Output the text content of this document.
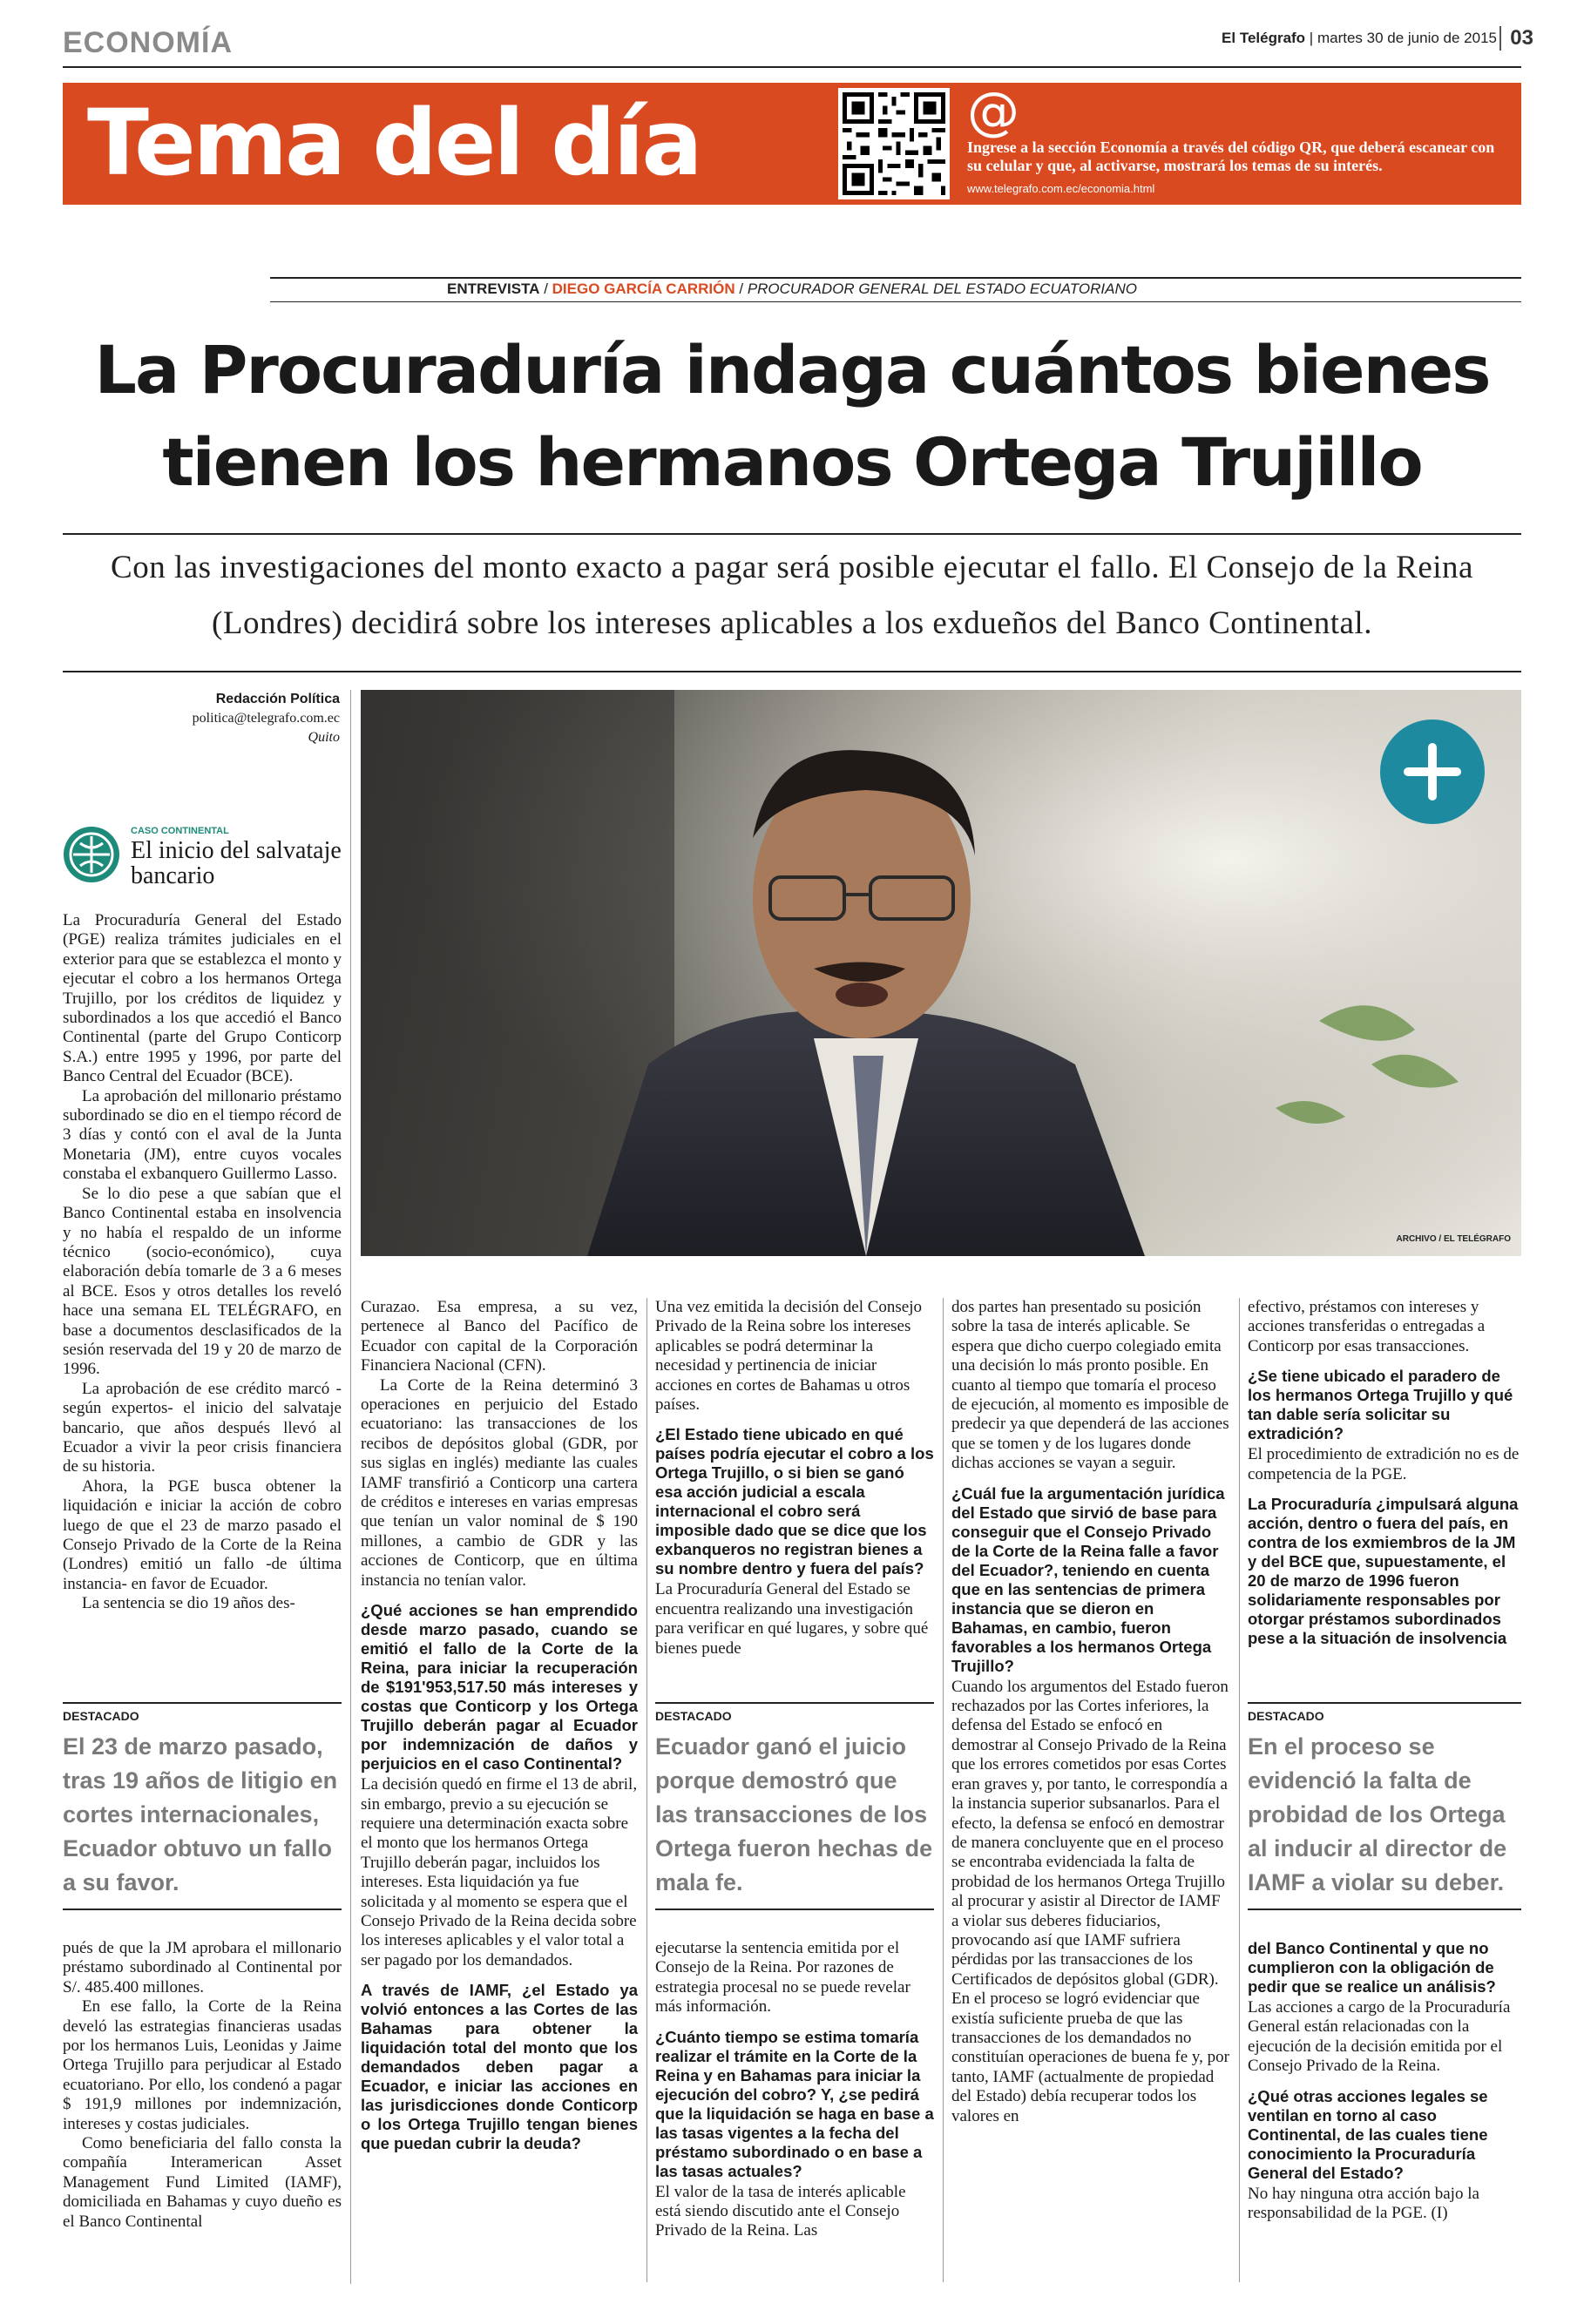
ECONOMÍA	El Telégrafo | martes 30 de junio de 2015 03
Tema del día	@
Ingrese a la sección Economía a través del código QR, que deberá escanear con su celular y que, al activarse, mostrará los temas de su interés.
www.telegrafo.com.ec/economia.html
ENTREVISTA / DIEGO GARCÍA CARRIÓN / PROCURADOR GENERAL DEL ESTADO ECUATORIANO
La Procuraduría indaga cuántos bienes
tienen los hermanos Ortega Trujillo
Con las investigaciones del monto exacto a pagar será posible ejecutar el fallo. El Consejo de la Reina
(Londres) decidirá sobre los intereses aplicables a los exdueños del Banco Continental.
Redacción Política
politica@telegrafo.com.ec
Quito
CASO CONTINENTAL
El inicio del salvataje bancario
ARCHIVO / EL TELÉGRAFO

La Procuraduría General del Estado (PGE) realiza trámites judiciales en el exterior para que se establezca el monto y ejecutar el cobro a los hermanos Ortega Trujillo, por los créditos de liquidez y subordinados a los que accedió el Banco Continental (parte del Grupo Conticorp S.A.) entre 1995 y 1996, por parte del Banco Central del Ecuador (BCE).

La aprobación del millonario préstamo subordinado se dio en el tiempo récord de 3 días y contó con el aval de la Junta Monetaria (JM), entre cuyos vocales constaba el exbanquero Guillermo Lasso.

Se lo dio pese a que sabían que el Banco Continental estaba en insolvencia y no había el respaldo de un informe técnico (socio-económico), cuya elaboración debía tomarle de 3 a 6 meses al BCE. Esos y otros detalles los reveló hace una semana EL TELÉGRAFO, en base a documentos desclasificados de la sesión reservada del 19 y 20 de marzo de 1996.

La aprobación de ese crédito marcó -según expertos- el inicio del salvataje bancario, que años después llevó al Ecuador a vivir la peor crisis financiera de su historia.

Ahora, la PGE busca obtener la liquidación e iniciar la acción de cobro luego de que el 23 de marzo pasado el Consejo Privado de la Corte de la Reina (Londres) emitió un fallo -de última instancia- en favor de Ecuador.

La sentencia se dio 19 años des-

DESTACADO
El 23 de marzo pasado, tras 19 años de litigio en cortes internacionales, Ecuador obtuvo un fallo a su favor.

pués de que la JM aprobara el millonario préstamo subordinado al Continental por S/. 485.400 millones.

En ese fallo, la Corte de la Reina develó las estrategias financieras usadas por los hermanos Luis, Leonidas y Jaime Ortega Trujillo para perjudicar al Estado ecuatoriano. Por ello, los condenó a pagar $ 191,9 millones por indemnización, intereses y costas judiciales.

Como beneficiaria del fallo consta la compañía Interamerican Asset Management Fund Limited (IAMF), domiciliada en Bahamas y cuyo dueño es el Banco Continental

Curazao. Esa empresa, a su vez, pertenece al Banco del Pacífico de Ecuador con capital de la Corporación Financiera Nacional (CFN).

La Corte de la Reina determinó 3 operaciones en perjuicio del Estado ecuatoriano: las transacciones de los recibos de depósitos global (GDR, por sus siglas en inglés) mediante las cuales IAMF transfirió a Conticorp una cartera de créditos e intereses en varias empresas que tenían un valor nominal de $ 190 millones, a cambio de GDR y las acciones de Conticorp, que en última instancia no tenían valor.

¿Qué acciones se han emprendido desde marzo pasado, cuando se emitió el fallo de la Corte de la Reina, para iniciar la recuperación de $191'953,517.50 más intereses y costas que Conticorp y los Ortega Trujillo deberán pagar al Ecuador por indemnización de daños y perjuicios en el caso Continental?

La decisión quedó en firme el 13 de abril, sin embargo, previo a su ejecución se requiere una determinación exacta sobre el monto que los hermanos Ortega Trujillo deberán pagar, incluidos los intereses. Esta liquidación ya fue solicitada y al momento se espera que el Consejo Privado de la Reina decida sobre los intereses aplicables y el valor total a ser pagado por los demandados.

A través de IAMF, ¿el Estado ya volvió entonces a las Cortes de las Bahamas para obtener la liquidación total del monto que los demandados deben pagar a Ecuador, e iniciar las acciones en las jurisdicciones donde Conticorp o los Ortega Trujillo tengan bienes que puedan cubrir la deuda?

Una vez emitida la decisión del Consejo Privado de la Reina sobre los intereses aplicables se podrá determinar la necesidad y pertinencia de iniciar acciones en cortes de Bahamas u otros países.

¿El Estado tiene ubicado en qué países podría ejecutar el cobro a los Ortega Trujillo, o si bien se ganó esa acción judicial a escala internacional el cobro será imposible dado que se dice que los exbanqueros no registran bienes a su nombre dentro y fuera del país?

La Procuraduría General del Estado se encuentra realizando una investigación para verificar en qué lugares, y sobre qué bienes puede

DESTACADO
Ecuador ganó el juicio porque demostró que las transacciones de los Ortega fueron hechas de mala fe.

ejecutarse la sentencia emitida por el Consejo de la Reina. Por razones de estrategia procesal no se puede revelar más información.

¿Cuánto tiempo se estima tomaría realizar el trámite en la Corte de la Reina y en Bahamas para iniciar la ejecución del cobro? Y, ¿se pedirá que la liquidación se haga en base a las tasas vigentes a la fecha del préstamo subordinado o en base a las tasas actuales?

El valor de la tasa de interés aplicable está siendo discutido ante el Consejo Privado de la Reina. Las

dos partes han presentado su posición sobre la tasa de interés aplicable. Se espera que dicho cuerpo colegiado emita una decisión lo más pronto posible. En cuanto al tiempo que tomaría el proceso de ejecución, al momento es imposible de predecir ya que dependerá de las acciones que se tomen y de los lugares donde dichas acciones se vayan a seguir.

¿Cuál fue la argumentación jurídica del Estado que sirvió de base para conseguir que el Consejo Privado de la Corte de la Reina falle a favor del Ecuador?, teniendo en cuenta que en las sentencias de primera instancia que se dieron en Bahamas, en cambio, fueron favorables a los hermanos Ortega Trujillo?

Cuando los argumentos del Estado fueron rechazados por las Cortes inferiores, la defensa del Estado se enfocó en demostrar al Consejo Privado de la Reina que los errores cometidos por esas Cortes eran graves y, por tanto, le correspondía a la instancia superior subsanarlos. Para el efecto, la defensa se enfocó en demostrar de manera concluyente que en el proceso se encontraba evidenciada la falta de probidad de los hermanos Ortega Trujillo al procurar y asistir al Director de IAMF a violar sus deberes fiduciarios, provocando así que IAMF sufriera pérdidas por las transacciones de los Certificados de depósitos global (GDR).

En el proceso se logró evidenciar que existía suficiente prueba de que las transacciones de los demandados no constituían operaciones de buena fe y, por tanto, IAMF (actualmente de propiedad del Estado) debía recuperar todos los valores en

efectivo, préstamos con intereses y acciones transferidas o entregadas a Conticorp por esas transacciones.

¿Se tiene ubicado el paradero de los hermanos Ortega Trujillo y qué tan dable sería solicitar su extradición?

El procedimiento de extradición no es de competencia de la PGE.

La Procuraduría ¿impulsará alguna acción, dentro o fuera del país, en contra de los exmiembros de la JM y del BCE que, supuestamente, el 20 de marzo de 1996 fueron solidariamente responsables por otorgar préstamos subordinados pese a la situación de insolvencia

DESTACADO
En el proceso se evidenció la falta de probidad de los Ortega al inducir al director de IAMF a violar su deber.

del Banco Continental y que no cumplieron con la obligación de pedir que se realice un análisis?

Las acciones a cargo de la Procuraduría General están relacionadas con la ejecución de la decisión emitida por el Consejo Privado de la Reina.

¿Qué otras acciones legales se ventilan en torno al caso Continental, de las cuales tiene conocimiento la Procuraduría General del Estado?

No hay ninguna otra acción bajo la responsabilidad de la PGE. (I)
